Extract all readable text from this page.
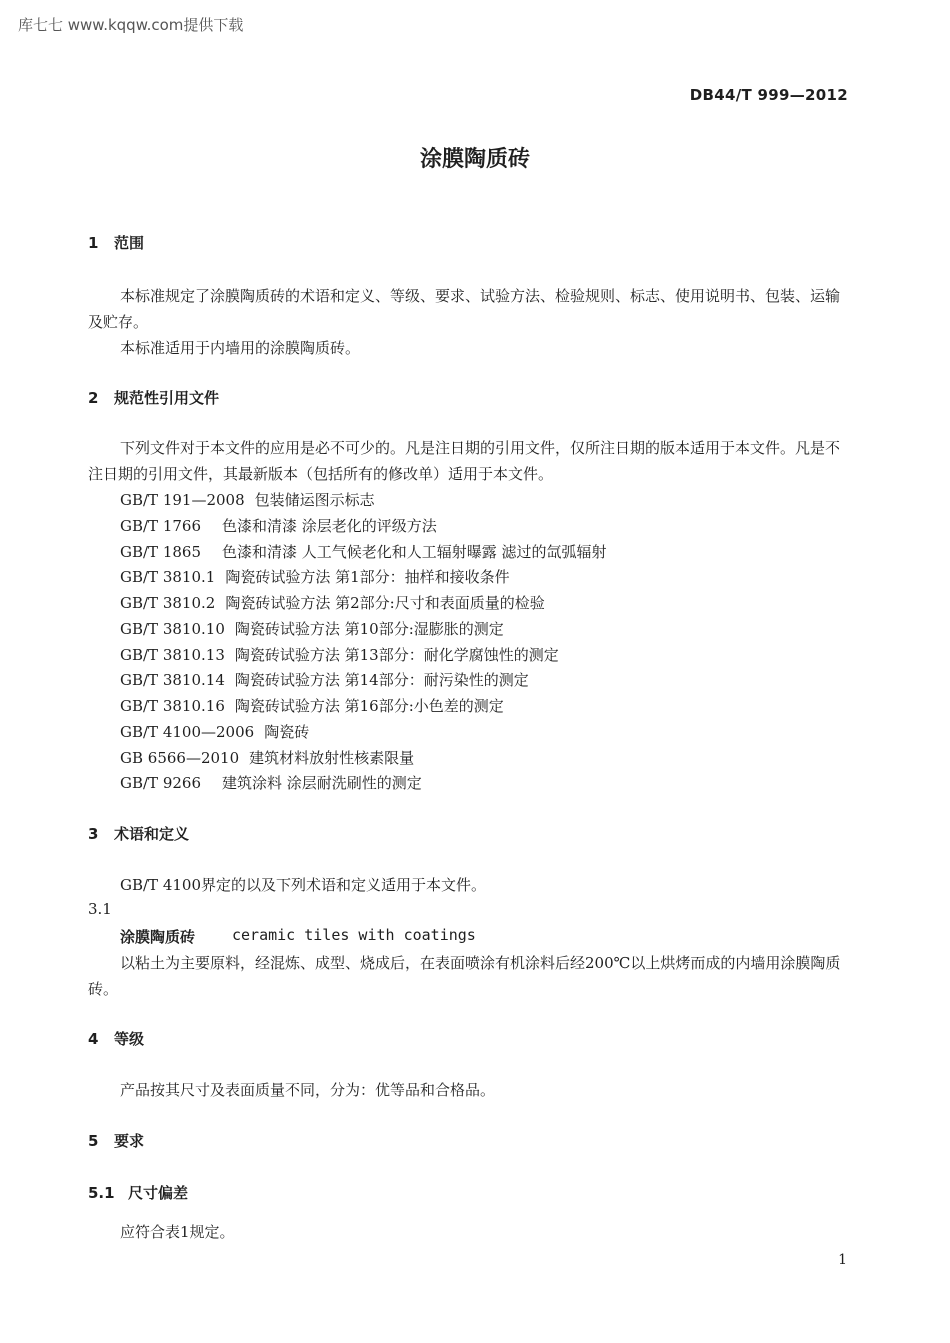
库七七 www.kqqw.com提供下载
DB44/T 999—2012
涂膜陶质砖
1 范围
本标准规定了涂膜陶质砖的术语和定义、等级、要求、试验方法、检验规则、标志、使用说明书、包装、运输及贮存。
本标准适用于内墙用的涂膜陶质砖。
2 规范性引用文件
下列文件对于本文件的应用是必不可少的。凡是注日期的引用文件，仅所注日期的版本适用于本文件。凡是不注日期的引用文件，其最新版本（包括所有的修改单）适用于本文件。
GB/T 191—2008 包装储运图示标志
GB/T 1766 色漆和清漆 涂层老化的评级方法
GB/T 1865 色漆和清漆 人工气候老化和人工辐射曝露 滤过的氙弧辐射
GB/T 3810.1 陶瓷砖试验方法 第1部分：抽样和接收条件
GB/T 3810.2 陶瓷砖试验方法 第2部分:尺寸和表面质量的检验
GB/T 3810.10 陶瓷砖试验方法 第10部分:湿膨胀的测定
GB/T 3810.13 陶瓷砖试验方法 第13部分：耐化学腐蚀性的测定
GB/T 3810.14 陶瓷砖试验方法 第14部分：耐污染性的测定
GB/T 3810.16 陶瓷砖试验方法 第16部分:小色差的测定
GB/T 4100—2006 陶瓷砖
GB 6566—2010 建筑材料放射性核素限量
GB/T 9266 建筑涂料 涂层耐洗刷性的测定
3 术语和定义
GB/T 4100界定的以及下列术语和定义适用于本文件。
3.1
涂膜陶质砖 ceramic tiles with coatings
以粘土为主要原料，经混炼、成型、烧成后，在表面喷涂有机涂料后经200℃以上烘烤而成的内墙用涂膜陶质砖。
4 等级
产品按其尺寸及表面质量不同，分为：优等品和合格品。
5 要求
5.1 尺寸偏差
应符合表1规定。
1
